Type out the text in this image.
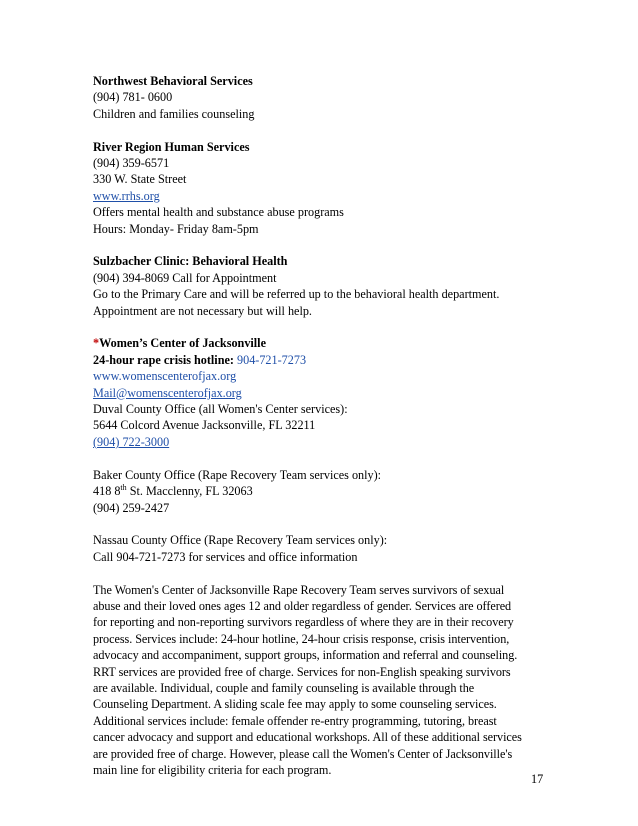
Northwest Behavioral Services
(904) 781- 0600
Children and families counseling
River Region Human Services
(904) 359-6571
330 W. State Street
www.rrhs.org
Offers mental health and substance abuse programs
Hours: Monday- Friday 8am-5pm
Sulzbacher Clinic: Behavioral Health
(904) 394-8069 Call for Appointment
Go to the Primary Care and will be referred up to the behavioral health department.
Appointment are not necessary but will help.
*Women’s Center of Jacksonville
24-hour rape crisis hotline: 904-721-7273
www.womenscenterofjax.org
Mail@womenscenterofjax.org
Duval County Office (all Women's Center services):
5644 Colcord Avenue Jacksonville, FL 32211
(904) 722-3000
Baker County Office (Rape Recovery Team services only):
418 8th St. Macclenny, FL 32063
(904) 259-2427
Nassau County Office (Rape Recovery Team services only):
Call 904-721-7273 for services and office information
The Women's Center of Jacksonville Rape Recovery Team serves survivors of sexual
abuse and their loved ones ages 12 and older regardless of gender. Services are offered
for reporting and non-reporting survivors regardless of where they are in their recovery
process. Services include: 24-hour hotline, 24-hour crisis response, crisis intervention,
advocacy and accompaniment, support groups, information and referral and counseling.
RRT services are provided free of charge. Services for non-English speaking survivors
are available. Individual, couple and family counseling is available through the
Counseling Department. A sliding scale fee may apply to some counseling services.
Additional services include: female offender re-entry programming, tutoring, breast
cancer advocacy and support and educational workshops. All of these additional services
are provided free of charge. However, please call the Women's Center of Jacksonville's
main line for eligibility criteria for each program.
17
